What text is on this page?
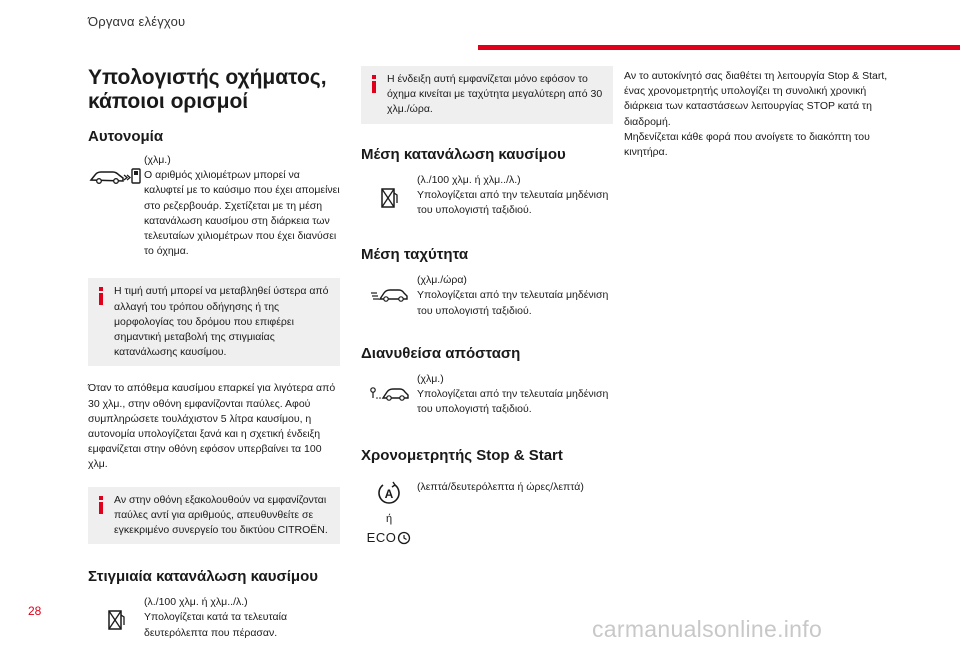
Όργανα ελέγχου
Υπολογιστής οχήματος, κάποιοι ορισμοί
Αυτονομία

(χλμ.)

Ο αριθμός χιλιομέτρων μπορεί να καλυφτεί με το καύσιμο που έχει απομείνει στο ρεζερβουάρ. Σχετίζεται με τη μέση κατανάλωση καυσίμου στη διάρκεια των τελευταίων χιλιομέτρων που έχει διανύσει το όχημα.

Η τιμή αυτή μπορεί να μεταβληθεί ύστερα από αλλαγή του τρόπου οδήγησης ή της μορφολογίας του δρόμου που επιφέρει σημαντική μεταβολή της στιγμιαίας κατανάλωσης καυσίμου.

Όταν το απόθεμα καυσίμου επαρκεί για λιγότερα από 30 χλμ., στην οθόνη εμφανίζονται παύλες. Αφού συμπληρώσετε τουλάχιστον 5 λίτρα καυσίμου, η αυτονομία υπολογίζεται ξανά και η σχετική ένδειξη εμφανίζεται στην οθόνη εφόσον υπερβαίνει τα 100 χλμ.

Αν στην οθόνη εξακολουθούν να εμφανίζονται παύλες αντί για αριθμούς, απευθυνθείτε σε εγκεκριμένο συνεργείο του δικτύου CITROËN.
Στιγμιαία κατανάλωση καυσίμου

(λ./100 χλμ. ή χλμ../λ.)

Υπολογίζεται κατά τα τελευταία δευτερόλεπτα που πέρασαν.

Η ένδειξη αυτή εμφανίζεται μόνο εφόσον το όχημα κινείται με ταχύτητα μεγαλύτερη από 30 χλμ./ώρα.
Μέση κατανάλωση καυσίμου

(λ./100 χλμ. ή χλμ../λ.)

Υπολογίζεται από την τελευταία μηδένιση του υπολογιστή ταξιδιού.

Μέση ταχύτητα

(χλμ./ώρα)

Υπολογίζεται από την τελευταία μηδένιση του υπολογιστή ταξιδιού.

Διανυθείσα απόσταση

(χλμ.)

Υπολογίζεται από την τελευταία μηδένιση του υπολογιστή ταξιδιού.

Χρονομετρητής Stop & Start
A
ή
ECO

(λεπτά/δευτερόλεπτα ή ώρες/λεπτά)

Αν το αυτοκίνητό σας διαθέτει τη λειτουργία Stop & Start, ένας χρονομετρητής υπολογίζει τη συνολική χρονική διάρκεια των καταστάσεων λειτουργίας STOP κατά τη διαδρομή.

Μηδενίζεται κάθε φορά που ανοίγετε το διακόπτη του κινητήρα.

28
carmanualsonline.info
